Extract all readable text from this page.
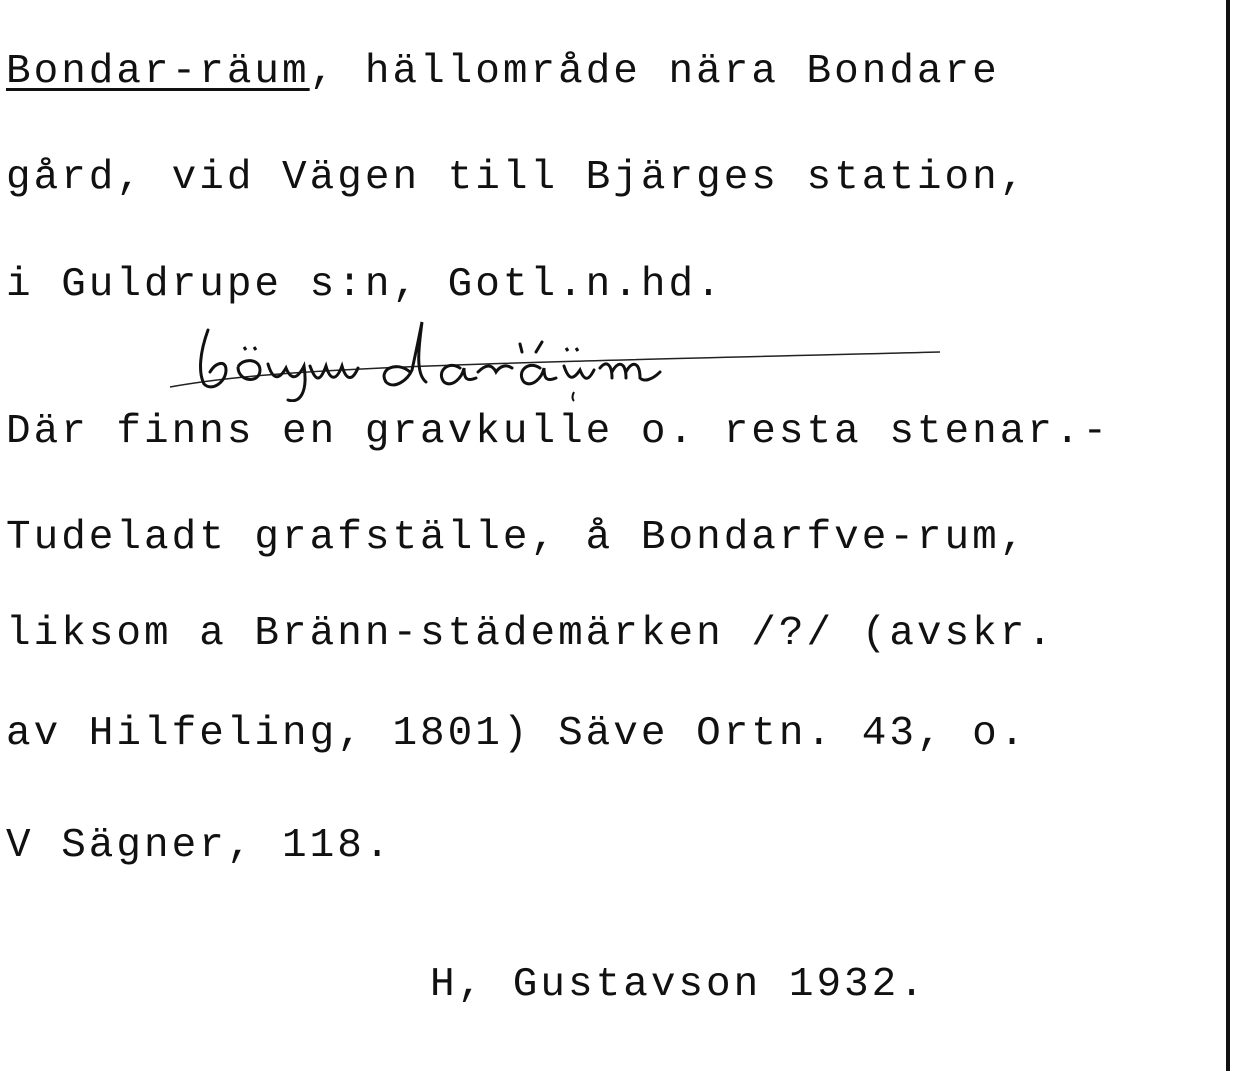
Bondar-räum, hällområde nära Bondare
gård, vid Vägen till Bjärges station,
i Guldrupe s:n, Gotl.n.hd.
Där finns en gravkulle o. resta stenar.-
Tudeladt grafställe, å Bondarfve-rum,
liksom a Bränn-städemärken /?/ (avskr.
av Hilfeling, 1801) Säve Ortn. 43, o.
V Sägner, 118.
H, Gustavson 1932.
